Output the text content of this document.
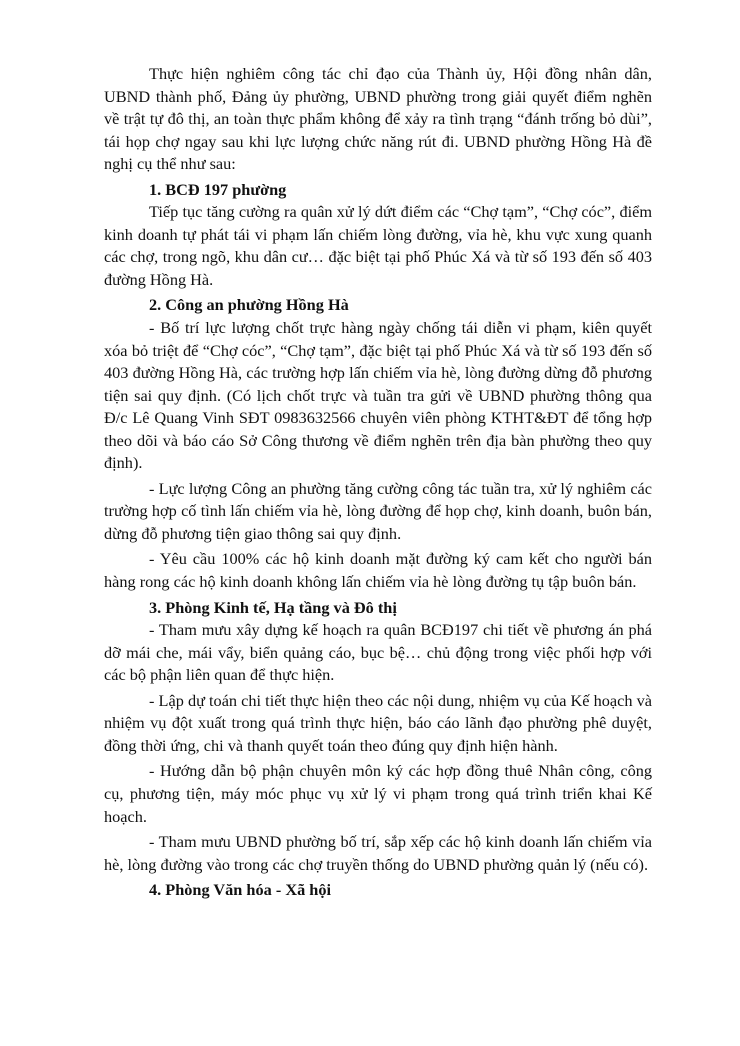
Thực hiện nghiêm công tác chỉ đạo của Thành ủy, Hội đồng nhân dân, UBND thành phố, Đảng ủy phường, UBND phường trong giải quyết điểm nghẽn về trật tự đô thị, an toàn thực phẩm không để xảy ra tình trạng “đánh trống bỏ dùi”, tái họp chợ ngay sau khi lực lượng chức năng rút đi. UBND phường Hồng Hà đề nghị cụ thể như sau:

1. BCĐ 197 phường

Tiếp tục tăng cường ra quân xử lý dứt điểm các “Chợ tạm”, “Chợ cóc”, điểm kinh doanh tự phát tái vi phạm lấn chiếm lòng đường, vỉa hè, khu vực xung quanh các chợ, trong ngõ, khu dân cư… đặc biệt tại phố Phúc Xá và từ số 193 đến số 403 đường Hồng Hà.

2. Công an phường Hồng Hà

- Bố trí lực lượng chốt trực hàng ngày chống tái diễn vi phạm, kiên quyết xóa bỏ triệt để “Chợ cóc”, “Chợ tạm”, đặc biệt tại phố Phúc Xá và từ số 193 đến số 403 đường Hồng Hà, các trường hợp lấn chiếm vỉa hè, lòng đường dừng đỗ phương tiện sai quy định. (Có lịch chốt trực và tuần tra gửi về UBND phường thông qua Đ/c Lê Quang Vinh SĐT 0983632566 chuyên viên phòng KTHT&ĐT để tổng hợp theo dõi và báo cáo Sở Công thương về điểm nghẽn trên địa bàn phường theo quy định).

- Lực lượng Công an phường tăng cường công tác tuần tra, xử lý nghiêm các trường hợp cố tình lấn chiếm vỉa hè, lòng đường để họp chợ, kinh doanh, buôn bán, dừng đỗ phương tiện giao thông sai quy định.

- Yêu cầu 100% các hộ kinh doanh mặt đường ký cam kết cho người bán hàng rong các hộ kinh doanh không lấn chiếm vỉa hè lòng đường tụ tập buôn bán.

3. Phòng Kinh tế, Hạ tầng và Đô thị

- Tham mưu xây dựng kế hoạch ra quân BCĐ197 chi tiết về phương án phá dỡ mái che, mái vẩy, biển quảng cáo, bục bệ… chủ động trong việc phối hợp với các bộ phận liên quan để thực hiện.

- Lập dự toán chi tiết thực hiện theo các nội dung, nhiệm vụ của Kế hoạch và nhiệm vụ đột xuất trong quá trình thực hiện, báo cáo lãnh đạo phường phê duyệt, đồng thời ứng, chi và thanh quyết toán theo đúng quy định hiện hành.

- Hướng dẫn bộ phận chuyên môn ký các hợp đồng thuê Nhân công, công cụ, phương tiện, máy móc phục vụ xử lý vi phạm trong quá trình triển khai Kế hoạch.

- Tham mưu UBND phường bố trí, sắp xếp các hộ kinh doanh lấn chiếm vỉa hè, lòng đường vào trong các chợ truyền thống do UBND phường quản lý (nếu có).

4. Phòng Văn hóa - Xã hội
